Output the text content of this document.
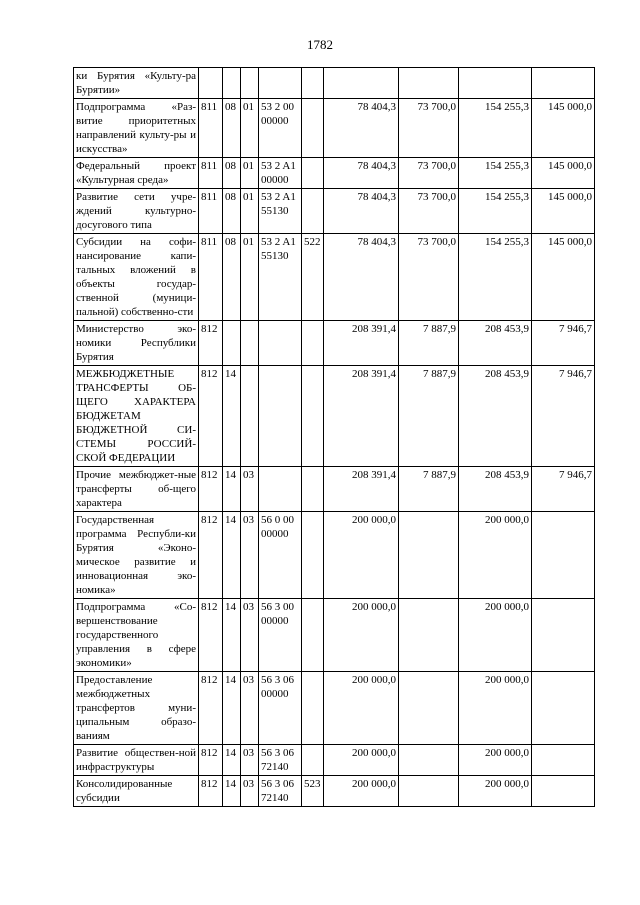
1782
ки Бурятия «Культу-ра Бурятии»									
Подпрограмма «Раз-витие приоритетных направлений культу-ры и искусства»	811	08	01	53 2 00 00000		78 404,3	73 700,0	154 255,3	145 000,0
Федеральный проект «Культурная среда»	811	08	01	53 2 A1 00000		78 404,3	73 700,0	154 255,3	145 000,0
Развитие сети учре-ждений культурно-досугового типа	811	08	01	53 2 A1 55130		78 404,3	73 700,0	154 255,3	145 000,0
Субсидии на софи-нансирование капи-тальных вложений в объекты государ-ственной (муници-пальной) собственно-сти	811	08	01	53 2 A1 55130	522	78 404,3	73 700,0	154 255,3	145 000,0
Министерство эко-номики Республики Бурятия	812					208 391,4	7 887,9	208 453,9	7 946,7
МЕЖБЮДЖЕТНЫЕ ТРАНСФЕРТЫ ОБ-ЩЕГО ХАРАКТЕРА БЮДЖЕТАМ БЮДЖЕТНОЙ СИ-СТЕМЫ РОССИЙ-СКОЙ ФЕДЕРАЦИИ	812	14				208 391,4	7 887,9	208 453,9	7 946,7
Прочие межбюджет-ные трансферты об-щего характера	812	14	03			208 391,4	7 887,9	208 453,9	7 946,7
Государственная программа Республи-ки Бурятия «Эконо-мическое развитие и инновационная эко-номика»	812	14	03	56 0 00 00000		200 000,0		200 000,0	
Подпрограмма «Со-вершенствование государственного управления в сфере экономики»	812	14	03	56 3 00 00000		200 000,0		200 000,0	
Предоставление межбюджетных трансфертов муни-ципальным образо-ваниям	812	14	03	56 3 06 00000		200 000,0		200 000,0	
Развитие обществен-ной инфраструктуры	812	14	03	56 3 06 72140		200 000,0		200 000,0	
Консолидированные субсидии	812	14	03	56 3 06 72140	523	200 000,0		200 000,0	
